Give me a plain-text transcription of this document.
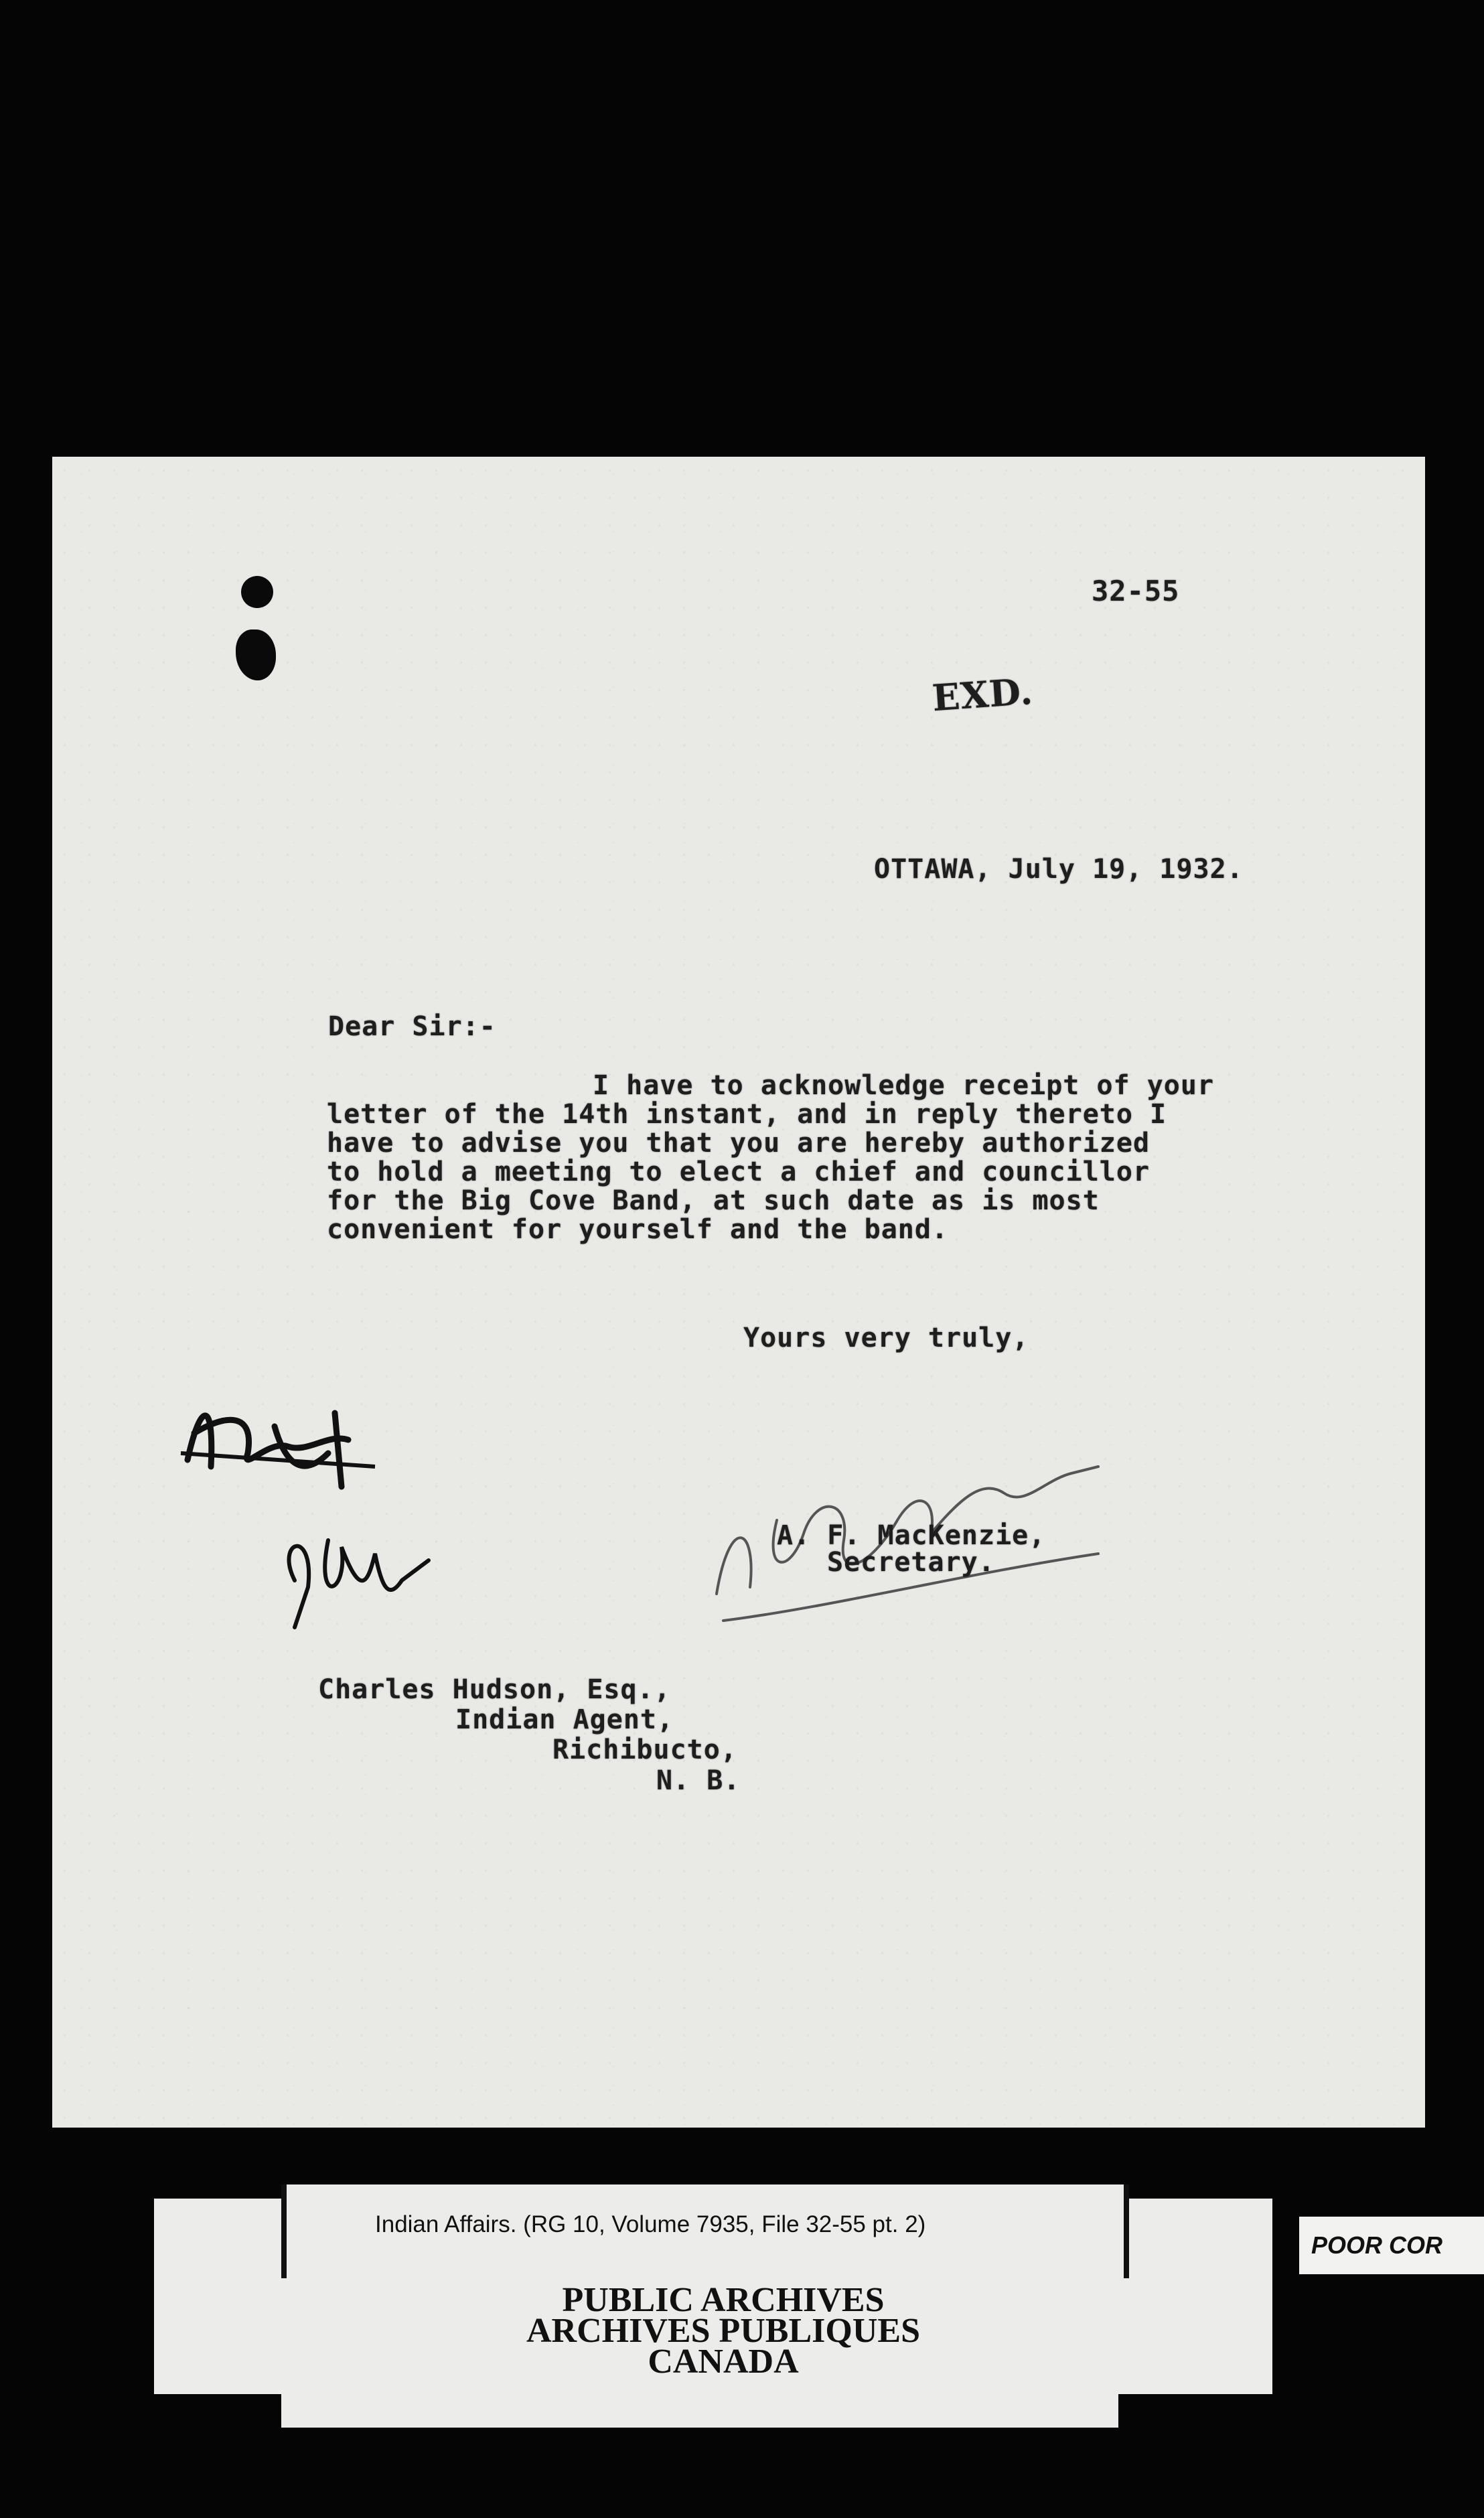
32-55
EXD.
OTTAWA, July 19, 1932.
Dear Sir:-
I have to acknowledge receipt of your
letter of the 14th instant, and in reply thereto I
have to advise you that you are hereby authorized
to hold a meeting to elect a chief and councillor
for the Big Cove Band, at such date as is most
convenient for yourself and the band.
Yours very truly,
A. F. MacKenzie,
Secretary.
Charles Hudson, Esq.,
Indian Agent,
Richibucto,
N. B.
Indian Affairs. (RG 10, Volume 7935, File 32-55 pt. 2)
PUBLIC ARCHIVES
ARCHIVES PUBLIQUES
CANADA
POOR COR
